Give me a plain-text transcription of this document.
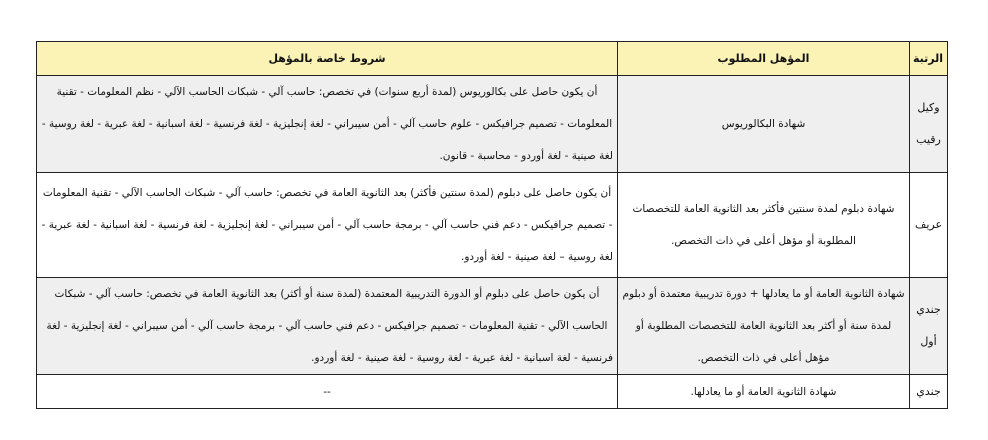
الرتبة	المؤهل المطلوب	شروط خاصة بالمؤهل
وكيل رقيب	شهادة البكالوريوس	أن يكون حاصل على بكالوريوس (لمدة أربع سنوات) في تخصص: حاسب آلي - شبكات الحاسب الآلي - نظم المعلومات - تقنية المعلومات - تصميم جرافيكس - علوم حاسب آلي - أمن سيبراني - لغة إنجليزية - لغة فرنسية - لغة اسبانية - لغة عبرية - لغة روسية - لغة صينية - لغة أوردو - محاسبة - قانون.
عريف	شهادة دبلوم لمدة سنتين فأكثر بعد الثانوية العامة للتخصصات المطلوبة أو مؤهل أعلى في ذات التخصص.	أن يكون حاصل على دبلوم (لمدة سنتين فأكثر) بعد الثانوية العامة في تخصص: حاسب آلي - شبكات الحاسب الآلي - تقنية المعلومات - تصميم جرافيكس - دعم فني حاسب آلي - برمجة حاسب آلي - أمن سيبراني - لغة إنجليزية - لغة فرنسية - لغة اسبانية - لغة عبرية - لغة روسية – لغة صينية - لغة أوردو.
جندي أول	شهادة الثانوية العامة أو ما يعادلها + دورة تدريبية معتمدة أو دبلوم لمدة سنة أو أكثر بعد الثانوية العامة للتخصصات المطلوبة أو مؤهل أعلى في ذات التخصص.	أن يكون حاصل على دبلوم أو الدورة التدريبية المعتمدة (لمدة سنة أو أكثر) بعد الثانوية العامة في تخصص: حاسب آلي - شبكات الحاسب الآلي - تقنية المعلومات - تصميم جرافيكس - دعم فني حاسب آلي - برمجة حاسب آلي - أمن سيبراني - لغة إنجليزية - لغة فرنسية - لغة اسبانية - لغة عبرية - لغة روسية - لغة صينية - لغة أوردو.
جندي	شهادة الثانوية العامة أو ما يعادلها.	--
